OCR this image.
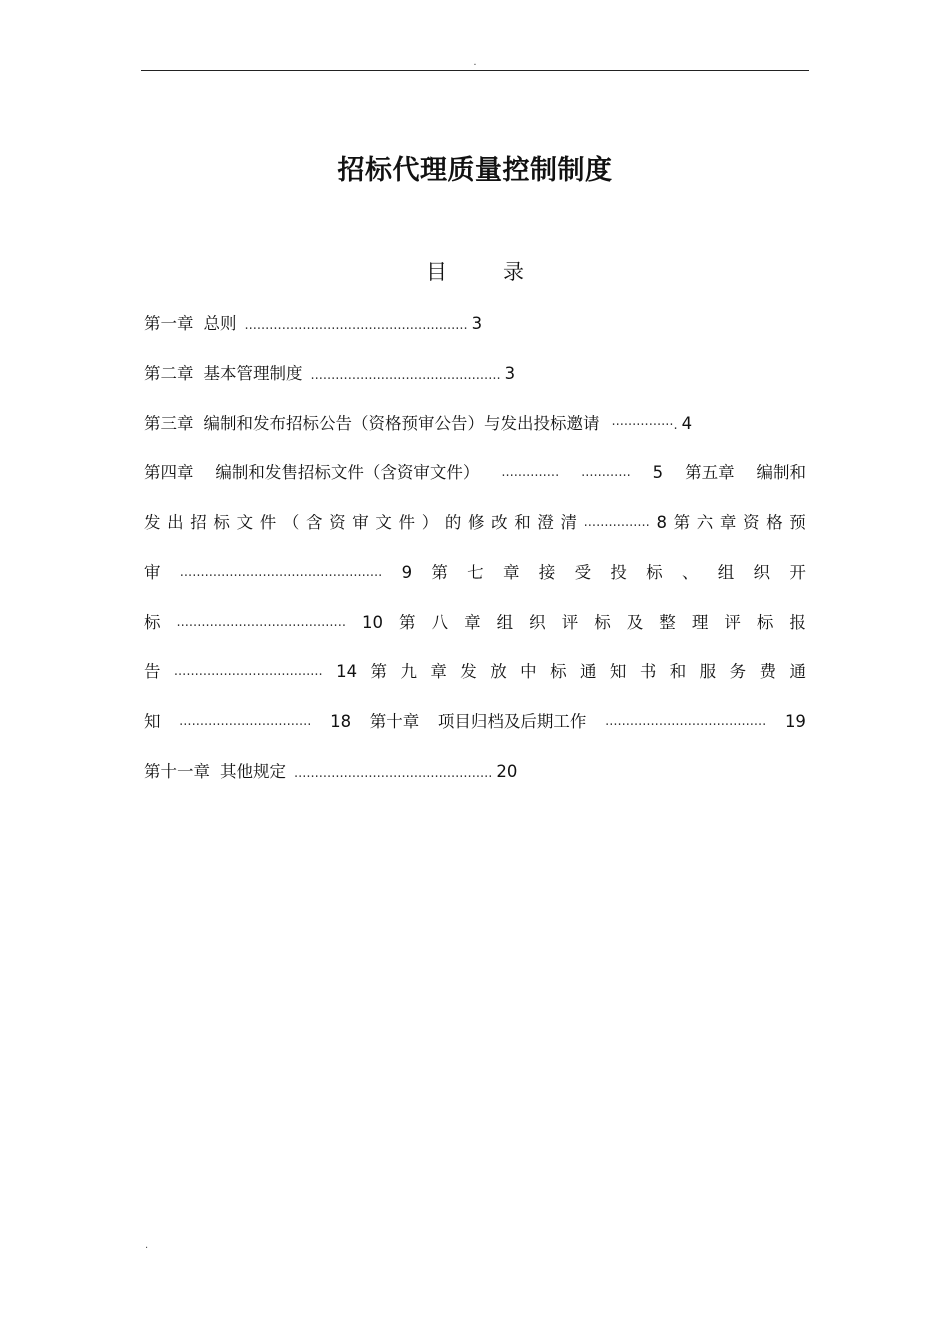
.
招标代理质量控制制度
目	录
第一章 总则 ...................................................... 3
第二章 基本管理制度 .............................................. 3
第三章 编制和发布招标公告（资格预审公告）与发出投标邀请 ···············. 4
第四章 编制和发售招标文件（含资审文件） .............. ............ 5 第五章 编制和
发 出 招 标 文 件 （ 含 资 审 文 件 ） 的 修 改 和 澄 清 ................ 8 第 六 章 资 格 预
审 ................................................. 9 第 七 章 接 受 投 标 、 组 织 开
标 ......................................... 10 第 八 章 组 织 评 标 及 整 理 评 标 报
告 .................................... 14 第 九 章 发 放 中 标 通 知 书 和 服 务 费 通
知 ................................ 18 第十章 项目归档及后期工作 ....................................... 19
第十一章 其他规定 ................................................ 20
.
